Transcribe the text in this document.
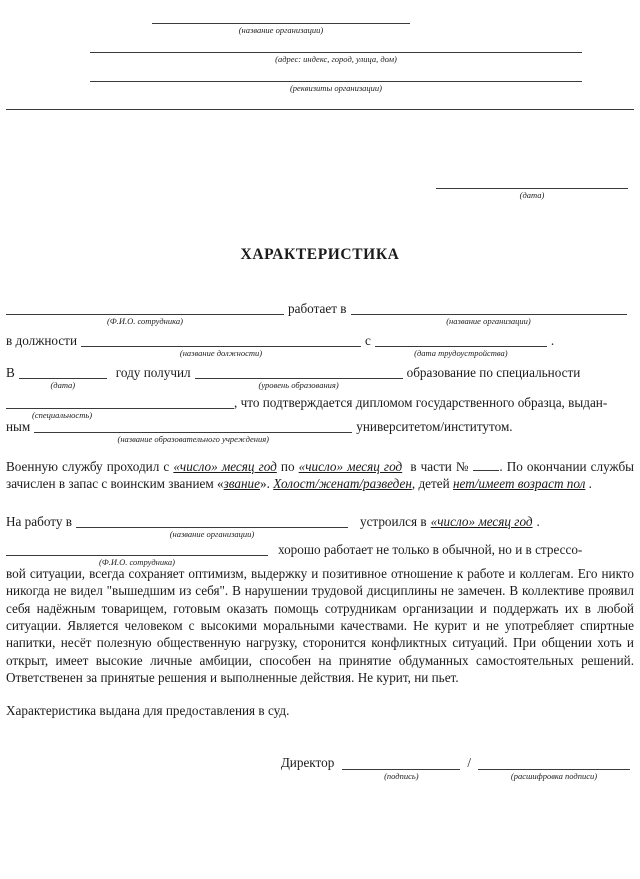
(название организации)
(адрес: индекс, город, улица, дом)
(реквизиты организации)
(дата)
ХАРАКТЕРИСТИКА
(Ф.И.О. сотрудника)
работает в
(название организации)
в должности
(название должности)
с
(дата трудоустройства)
.
В
(дата)
году получил
(уровень образования)
образование по специальности
(специальность)
, что подтверждается дипломом государственного образца, выдан-
ным
(название образовательного учреждения)
университетом/институтом.
Военную службу проходил с «число» месяц год по «число» месяц год  в части № . По окончании службы зачислен в запас с воинским званием «звание». Холост/женат/разведен, детей нет/имеет возраст пол .
На работу в
(название организации)
устроился в «число» месяц год .
(Ф.И.О. сотрудника)
хорошо работает не только в обычной, но и в стрессо-
вой ситуации, всегда сохраняет оптимизм, выдержку и позитивное отношение к работе и коллегам. Его никто никогда не видел "вышедшим из себя". В нарушении трудовой дисциплины не замечен. В коллективе проявил себя надёжным товарищем, готовым оказать помощь сотрудникам организации и поддержать их в любой ситуации. Является человеком с высокими моральными качествами. Не курит и не употребляет спиртные напитки, несёт полезную общественную нагрузку, сторонится конфликтных ситуаций. При общении хоть и открыт, имеет высокие личные амбиции, способен на принятие обдуманных самостоятельных решений. Ответственен за принятые решения и выполненные действия. Не курит, ни пьет.
Характеристика выдана для предоставления в суд.
Директор
(подпись)
/
(расшифровка подписи)
